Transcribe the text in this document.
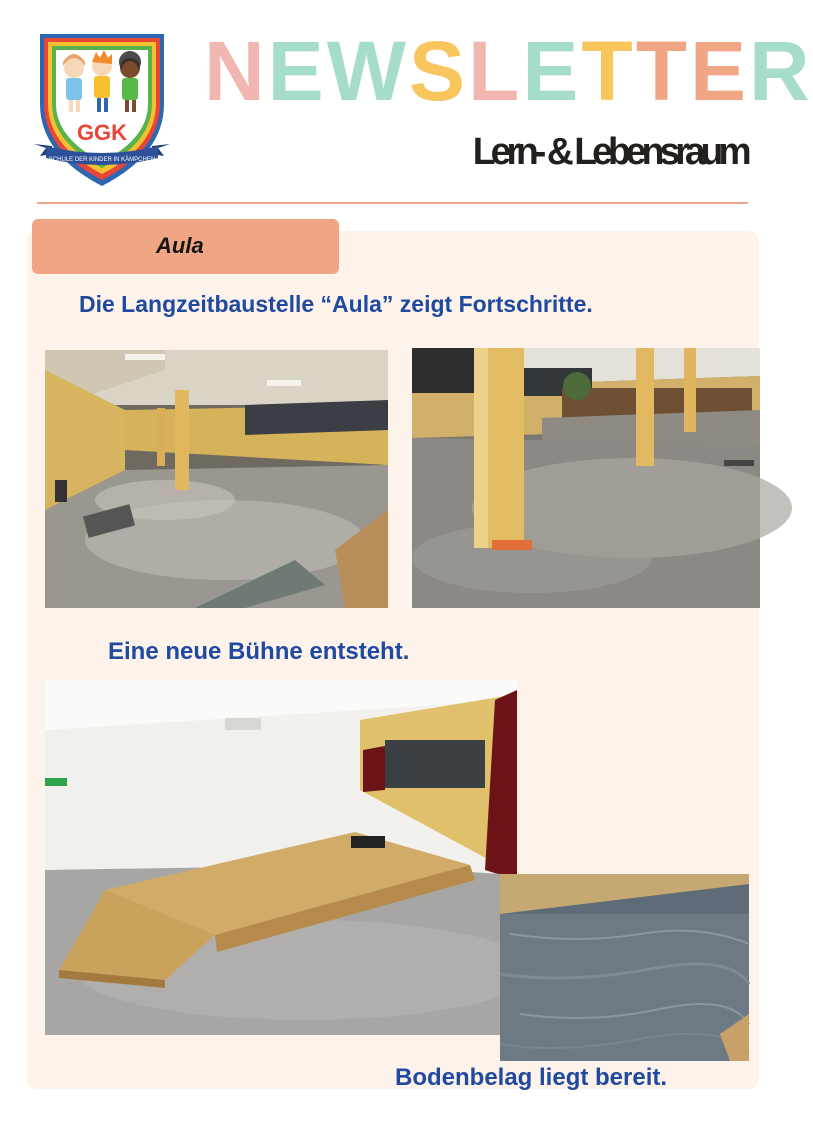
GGK
SCHULE DER KINDER IN KÄMPCHEN
NEWSLETTER
Lern- & Lebensraum
Aula
Die Langzeitbaustelle “Aula” zeigt Fortschritte.
Eine neue Bühne entsteht.
Bodenbelag liegt bereit.
